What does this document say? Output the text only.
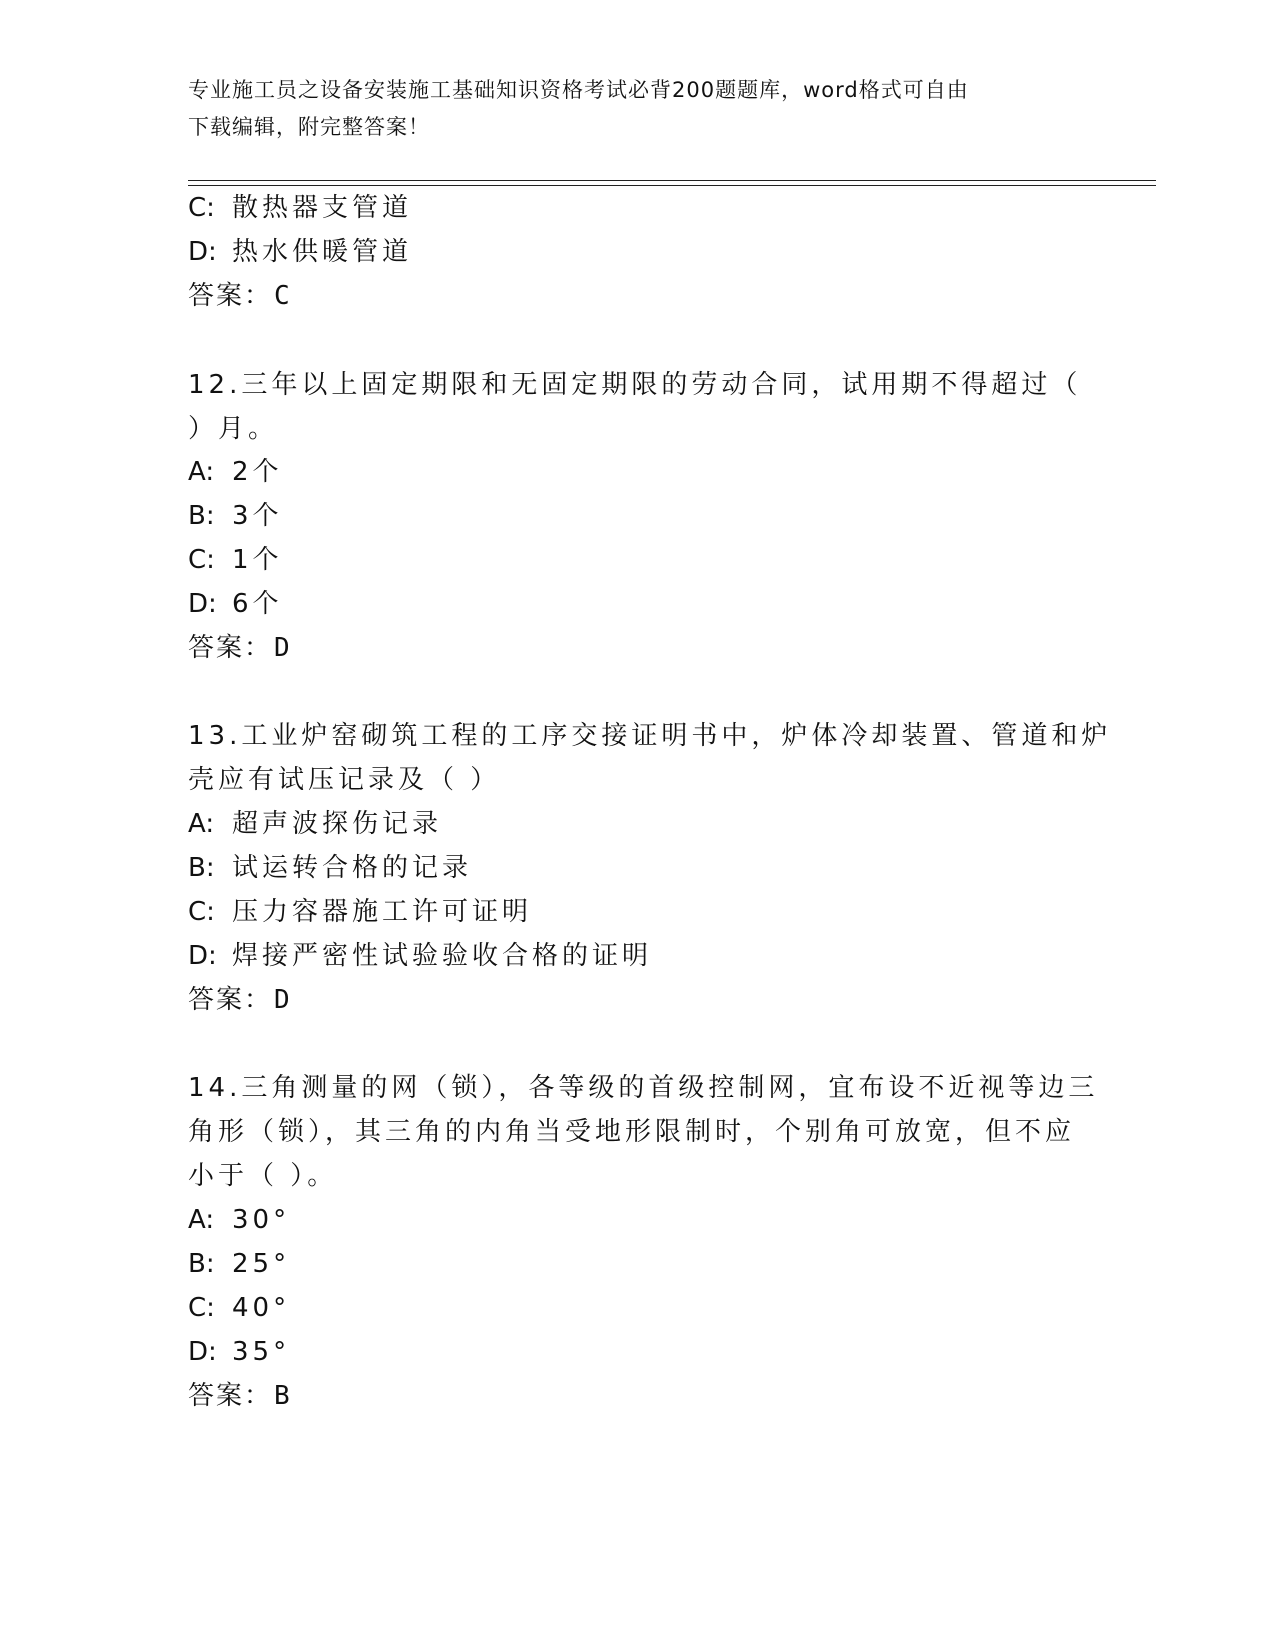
专业施工员之设备安装施工基础知识资格考试必背200题题库，word格式可自由
下载编辑，附完整答案！
C: 散热器支管道
D: 热水供暖管道
答案：C
12.三年以上固定期限和无固定期限的劳动合同，试用期不得超过（
）月。
A: 2个
B: 3个
C: 1个
D: 6个
答案：D
13.工业炉窑砌筑工程的工序交接证明书中，炉体冷却装置、管道和炉
壳应有试压记录及（ ）
A: 超声波探伤记录
B: 试运转合格的记录
C: 压力容器施工许可证明
D: 焊接严密性试验验收合格的证明
答案：D
14.三角测量的网（锁），各等级的首级控制网，宜布设不近视等边三
角形（锁），其三角的内角当受地形限制时，个别角可放宽，但不应
小于（ ）。
A: 30°
B: 25°
C: 40°
D: 35°
答案：B
